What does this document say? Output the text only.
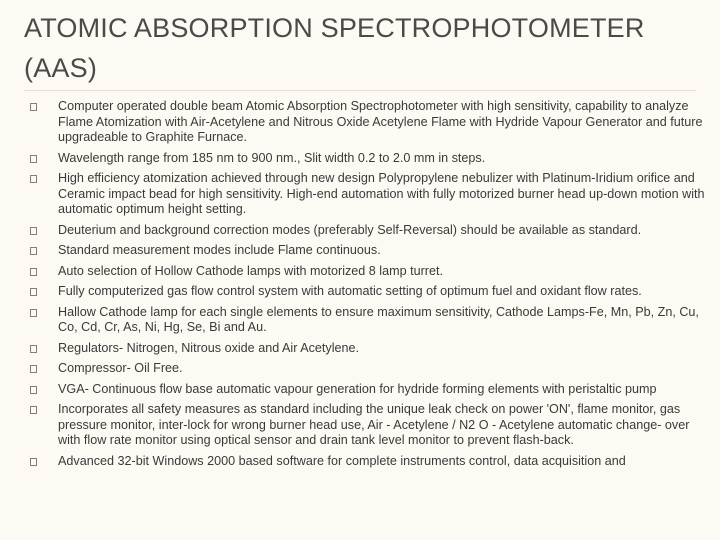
ATOMIC ABSORPTION SPECTROPHOTOMETER (AAS)
Computer operated double beam Atomic Absorption Spectrophotometer with high sensitivity, capability to analyze Flame Atomization with Air-Acetylene and Nitrous Oxide Acetylene Flame with Hydride Vapour Generator and future upgradeable to Graphite Furnace.
Wavelength range from 185 nm to 900 nm., Slit width 0.2 to 2.0 mm in steps.
High efficiency atomization achieved through new design Polypropylene nebulizer with Platinum-Iridium orifice and Ceramic impact bead for high sensitivity. High-end automation with fully motorized burner head up-down motion with automatic optimum height setting.
Deuterium and background correction modes (preferably Self-Reversal) should be available as standard.
Standard measurement modes include Flame continuous.
Auto selection of Hollow Cathode lamps with motorized 8 lamp turret.
Fully computerized gas flow control system with automatic setting of optimum fuel and oxidant flow rates.
Hallow Cathode lamp for each single elements to ensure maximum sensitivity, Cathode Lamps-Fe, Mn, Pb, Zn, Cu, Co, Cd, Cr, As, Ni, Hg, Se, Bi and Au.
Regulators- Nitrogen, Nitrous oxide and Air Acetylene.
Compressor- Oil Free.
VGA- Continuous flow base automatic vapour generation for hydride forming elements with peristaltic pump
Incorporates all safety measures as standard including the unique leak check on power 'ON', flame monitor, gas pressure monitor, inter-lock for wrong burner head use, Air - Acetylene / N2 O - Acetylene automatic change- over with flow rate monitor using optical sensor and drain tank level monitor to prevent flash-back.
Advanced 32-bit Windows 2000 based software for complete instruments control, data acquisition and
